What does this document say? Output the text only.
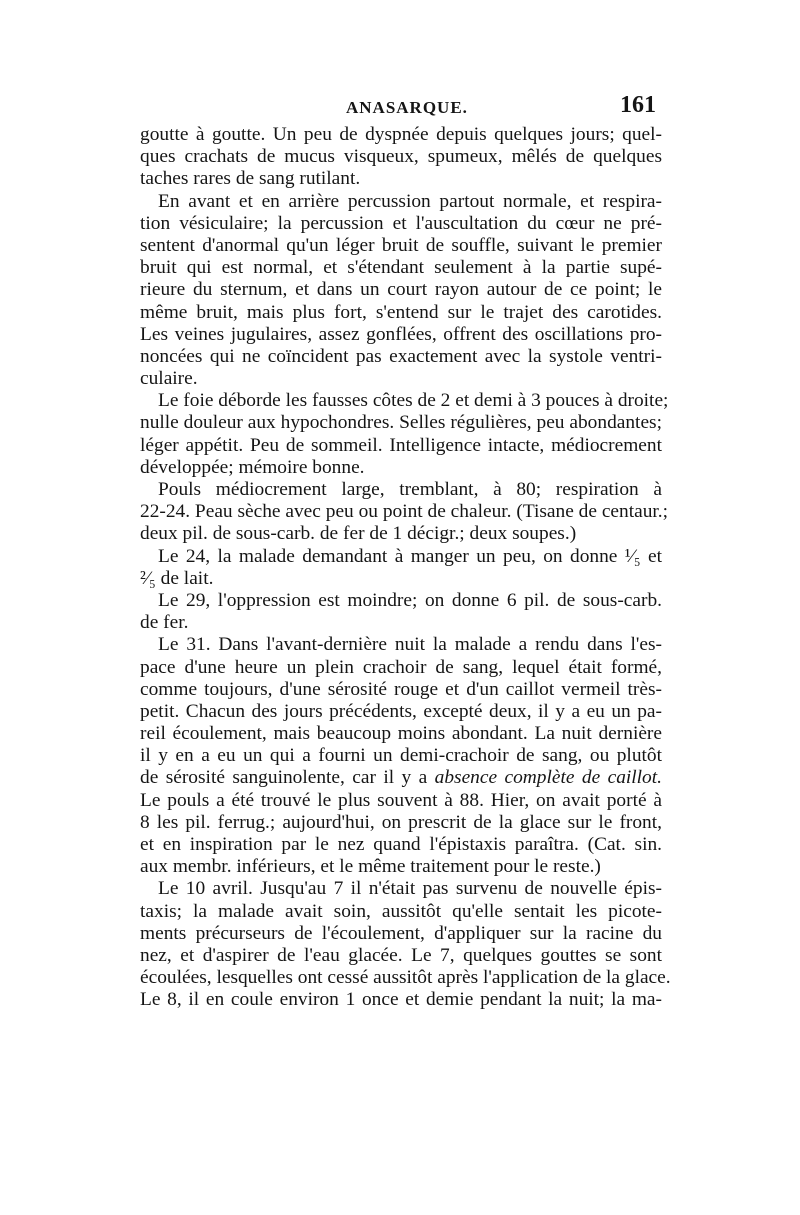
ANASARQUE.	161
goutte à goutte. Un peu de dyspnée depuis quelques jours; quel-
ques crachats de mucus visqueux, spumeux, mêlés de quelques
taches rares de sang rutilant.
En avant et en arrière percussion partout normale, et respira-
tion vésiculaire; la percussion et l'auscultation du cœur ne pré-
sentent d'anormal qu'un léger bruit de souffle, suivant le premier
bruit qui est normal, et s'étendant seulement à la partie supé-
rieure du sternum, et dans un court rayon autour de ce point; le
même bruit, mais plus fort, s'entend sur le trajet des carotides.
Les veines jugulaires, assez gonflées, offrent des oscillations pro-
noncées qui ne coïncident pas exactement avec la systole ventri-
culaire.
Le foie déborde les fausses côtes de 2 et demi à 3 pouces à droite;
nulle douleur aux hypochondres. Selles régulières, peu abondantes;
léger appétit. Peu de sommeil. Intelligence intacte, médiocrement
développée; mémoire bonne.
Pouls médiocrement large, tremblant, à 80; respiration à
22-24. Peau sèche avec peu ou point de chaleur. (Tisane de centaur.;
deux pil. de sous-carb. de fer de 1 décigr.; deux soupes.)
Le 24, la malade demandant à manger un peu, on donne ¹⁄₅ et
²⁄₅ de lait.
Le 29, l'oppression est moindre; on donne 6 pil. de sous-carb.
de fer.
Le 31. Dans l'avant-dernière nuit la malade a rendu dans l'es-
pace d'une heure un plein crachoir de sang, lequel était formé,
comme toujours, d'une sérosité rouge et d'un caillot vermeil très-
petit. Chacun des jours précédents, excepté deux, il y a eu un pa-
reil écoulement, mais beaucoup moins abondant. La nuit dernière
il y en a eu un qui a fourni un demi-crachoir de sang, ou plutôt
de sérosité sanguinolente, car il y a absence complète de caillot.
Le pouls a été trouvé le plus souvent à 88. Hier, on avait porté à
8 les pil. ferrug.; aujourd'hui, on prescrit de la glace sur le front,
et en inspiration par le nez quand l'épistaxis paraîtra. (Cat. sin.
aux membr. inférieurs, et le même traitement pour le reste.)
Le 10 avril. Jusqu'au 7 il n'était pas survenu de nouvelle épis-
taxis; la malade avait soin, aussitôt qu'elle sentait les picote-
ments précurseurs de l'écoulement, d'appliquer sur la racine du
nez, et d'aspirer de l'eau glacée. Le 7, quelques gouttes se sont
écoulées, lesquelles ont cessé aussitôt après l'application de la glace.
Le 8, il en coule environ 1 once et demie pendant la nuit; la ma-
